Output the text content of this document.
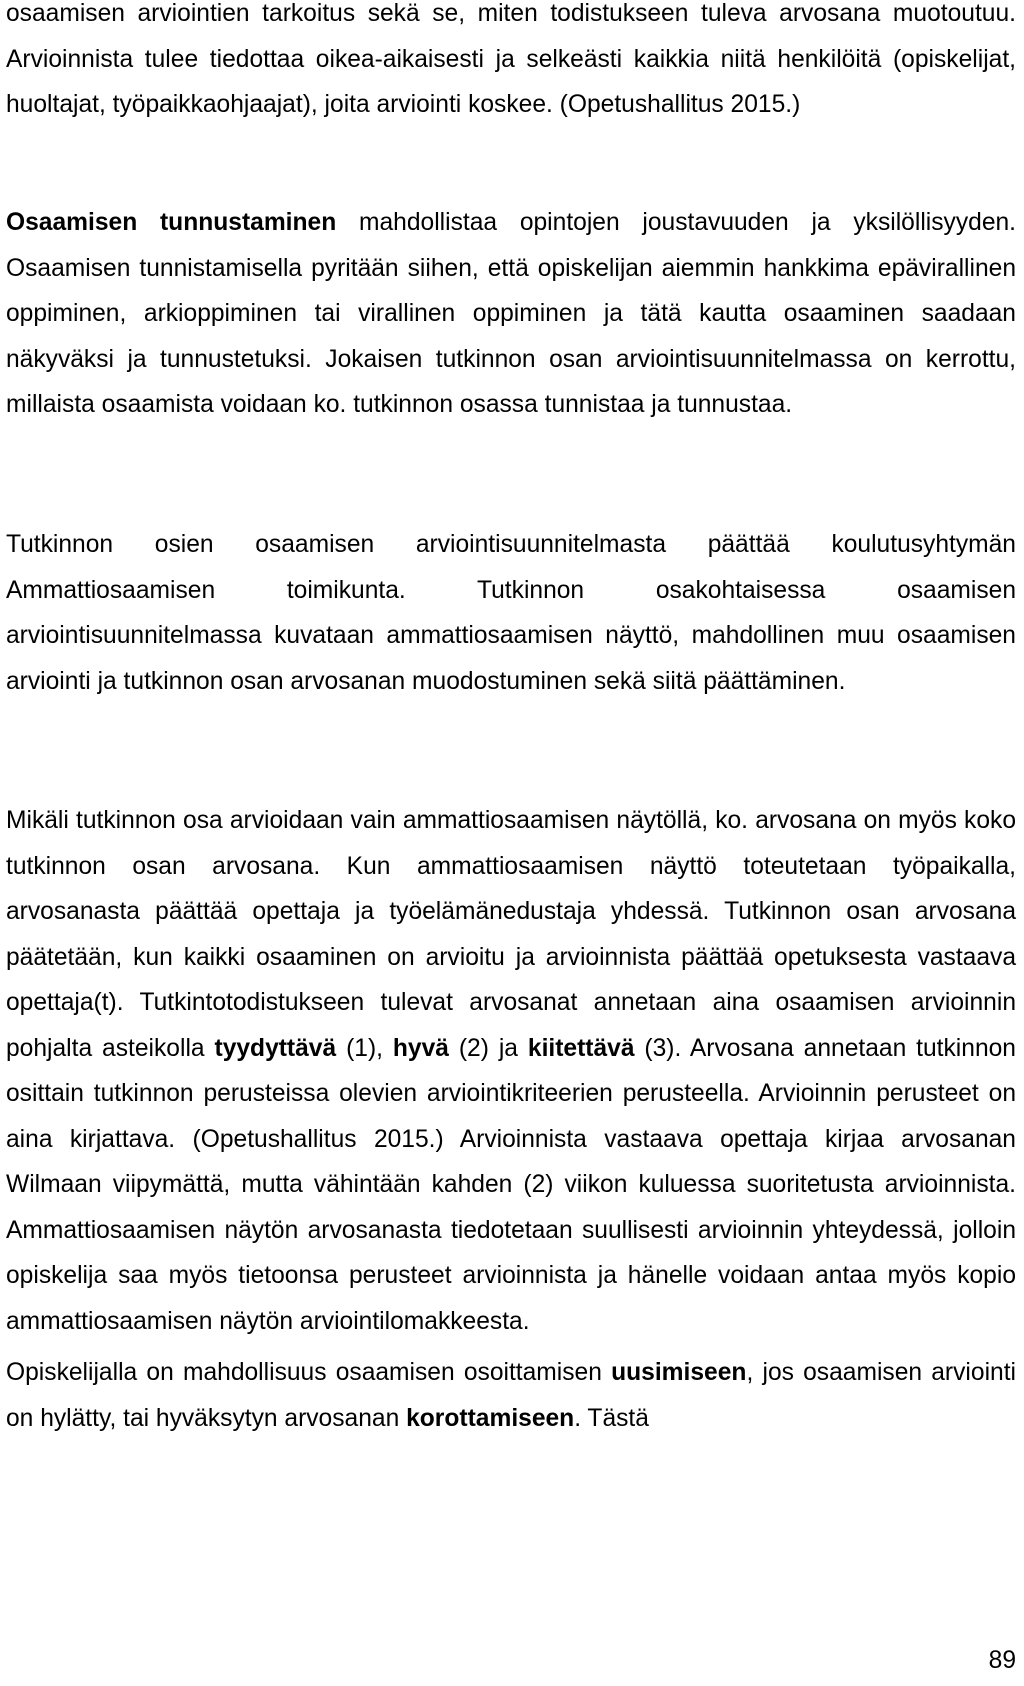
osaamisen arviointien tarkoitus sekä se, miten todistukseen tuleva arvosana muotoutuu. Arvioinnista tulee tiedottaa oikea-aikaisesti ja selkeästi kaikkia niitä henkilöitä (opiskelijat, huoltajat, työpaikkaohjaajat), joita arviointi koskee. (Opetushallitus 2015.)

Osaamisen tunnustaminen mahdollistaa opintojen joustavuuden ja yksilöllisyyden. Osaamisen tunnistamisella pyritään siihen, että opiskelijan aiemmin hankkima epävirallinen oppiminen, arkioppiminen tai virallinen oppiminen ja tätä kautta osaaminen saadaan näkyväksi ja tunnustetuksi. Jokaisen tutkinnon osan arviointisuunnitelmassa on kerrottu, millaista osaamista voidaan ko. tutkinnon osassa tunnistaa ja tunnustaa.

Tutkinnon osien osaamisen arviointisuunnitelmasta päättää koulutusyhtymän Ammattiosaamisen toimikunta. Tutkinnon osakohtaisessa osaamisen arviointisuunnitelmassa kuvataan ammattiosaamisen näyttö, mahdollinen muu osaamisen arviointi ja tutkinnon osan arvosanan muodostuminen sekä siitä päättäminen.

Mikäli tutkinnon osa arvioidaan vain ammattiosaamisen näytöllä, ko. arvosana on myös koko tutkinnon osan arvosana. Kun ammattiosaamisen näyttö toteutetaan työpaikalla, arvosanasta päättää opettaja ja työelämänedustaja yhdessä. Tutkinnon osan arvosana päätetään, kun kaikki osaaminen on arvioitu ja arvioinnista päättää opetuksesta vastaava opettaja(t). Tutkintotodistukseen tulevat arvosanat annetaan aina osaamisen arvioinnin pohjalta asteikolla tyydyttävä (1), hyvä (2) ja kiitettävä (3). Arvosana annetaan tutkinnon osittain tutkinnon perusteissa olevien arviointikriteerien perusteella. Arvioinnin perusteet on aina kirjattava. (Opetushallitus 2015.) Arvioinnista vastaava opettaja kirjaa arvosanan Wilmaan viipymättä, mutta vähintään kahden (2) viikon kuluessa suoritetusta arvioinnista. Ammattiosaamisen näytön arvosanasta tiedotetaan suullisesti arvioinnin yhteydessä, jolloin opiskelija saa myös tietoonsa perusteet arvioinnista ja hänelle voidaan antaa myös kopio ammattiosaamisen näytön arviointilomakkeesta.

Opiskelijalla on mahdollisuus osaamisen osoittamisen uusimiseen, jos osaamisen arviointi on hylätty, tai hyväksytyn arvosanan korottamiseen. Tästä

89
